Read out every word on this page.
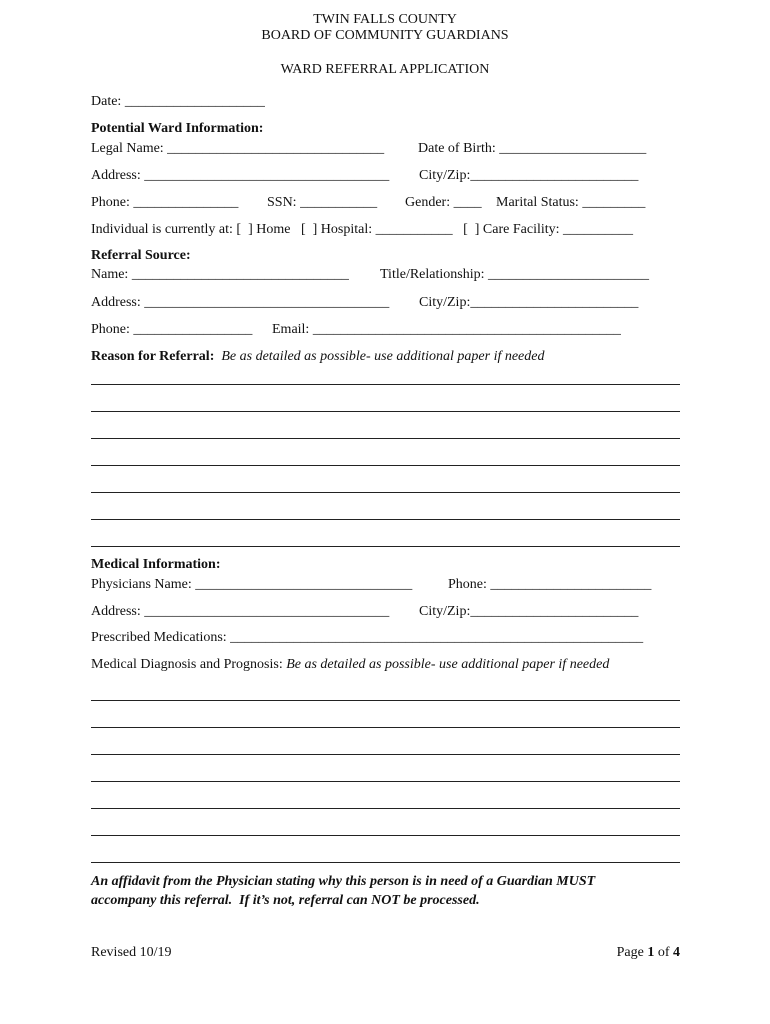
TWIN FALLS COUNTY
BOARD OF COMMUNITY GUARDIANS
WARD REFERRAL APPLICATION
Date: ____________________
Potential Ward Information:
Legal Name: _______________________________ Date of Birth: _____________________
Address: ___________________________________ City/Zip:________________________
Phone: _______________ SSN: ___________ Gender: ____ Marital Status: _________
Individual is currently at: [  ] Home   [  ] Hospital: ___________   [  ] Care Facility: __________
Referral Source:
Name: _______________________________ Title/Relationship: _______________________
Address: ___________________________________ City/Zip:________________________
Phone: _________________ Email: ____________________________________________
Reason for Referral: Be as detailed as possible- use additional paper if needed
Medical Information:
Physicians Name: _______________________________	Phone: _______________________
Address: ___________________________________ City/Zip:________________________
Prescribed Medications: ___________________________________________________________
Medical Diagnosis and Prognosis: Be as detailed as possible- use additional paper if needed
An affidavit from the Physician stating why this person is in need of a Guardian MUST
accompany this referral.  If it’s not, referral can NOT be processed.
Revised 10/19	Page 1 of 4
